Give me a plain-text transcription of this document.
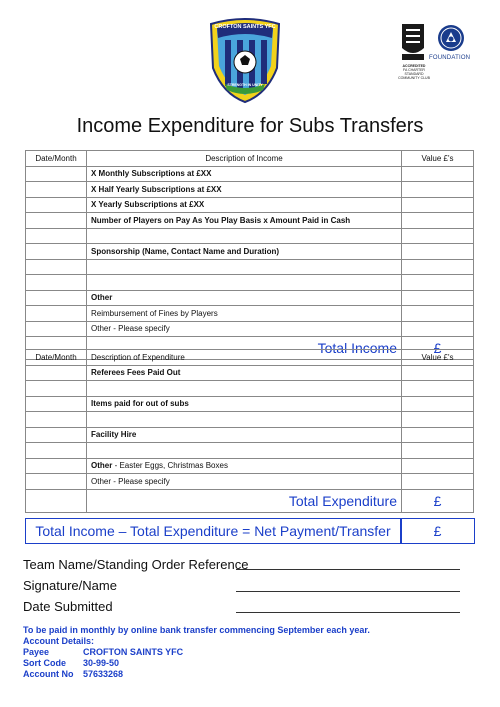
CROFTON SAINTS YFC
STRENGTH IN UNITY
ACCREDITED
FA CHARTER STANDARD COMMUNITY CLUB
FOUNDATION
Income Expenditure for Subs Transfers
Date/Month	Description of Income	Value £'s
	X Monthly Subscriptions at £XX	
	X Half Yearly Subscriptions at £XX	
	X Yearly Subscriptions at £XX	
	Number of Players on Pay As You Play Basis x Amount Paid in Cash	

	Sponsorship (Name, Contact Name and Duration)	

	Other	
	Reimbursement of Fines by Players	
	Other - Please specify	
	Total Income	£
Date/Month	Description of Expenditure	Value £'s
	Referees Fees Paid Out	

	Items paid for out of subs	

	Facility Hire	

	Other - Easter Eggs, Christmas Boxes	
	Other - Please specify	
	Total Expenditure	£
Total Income – Total Expenditure = Net Payment/Transfer	£
Team Name/Standing Order Reference
Signature/Name
Date Submitted
To be paid in monthly by online bank transfer commencing September each year.
Account Details:
Payee	CROFTON SAINTS YFC
Sort Code 30-99-50
Account No 57633268
